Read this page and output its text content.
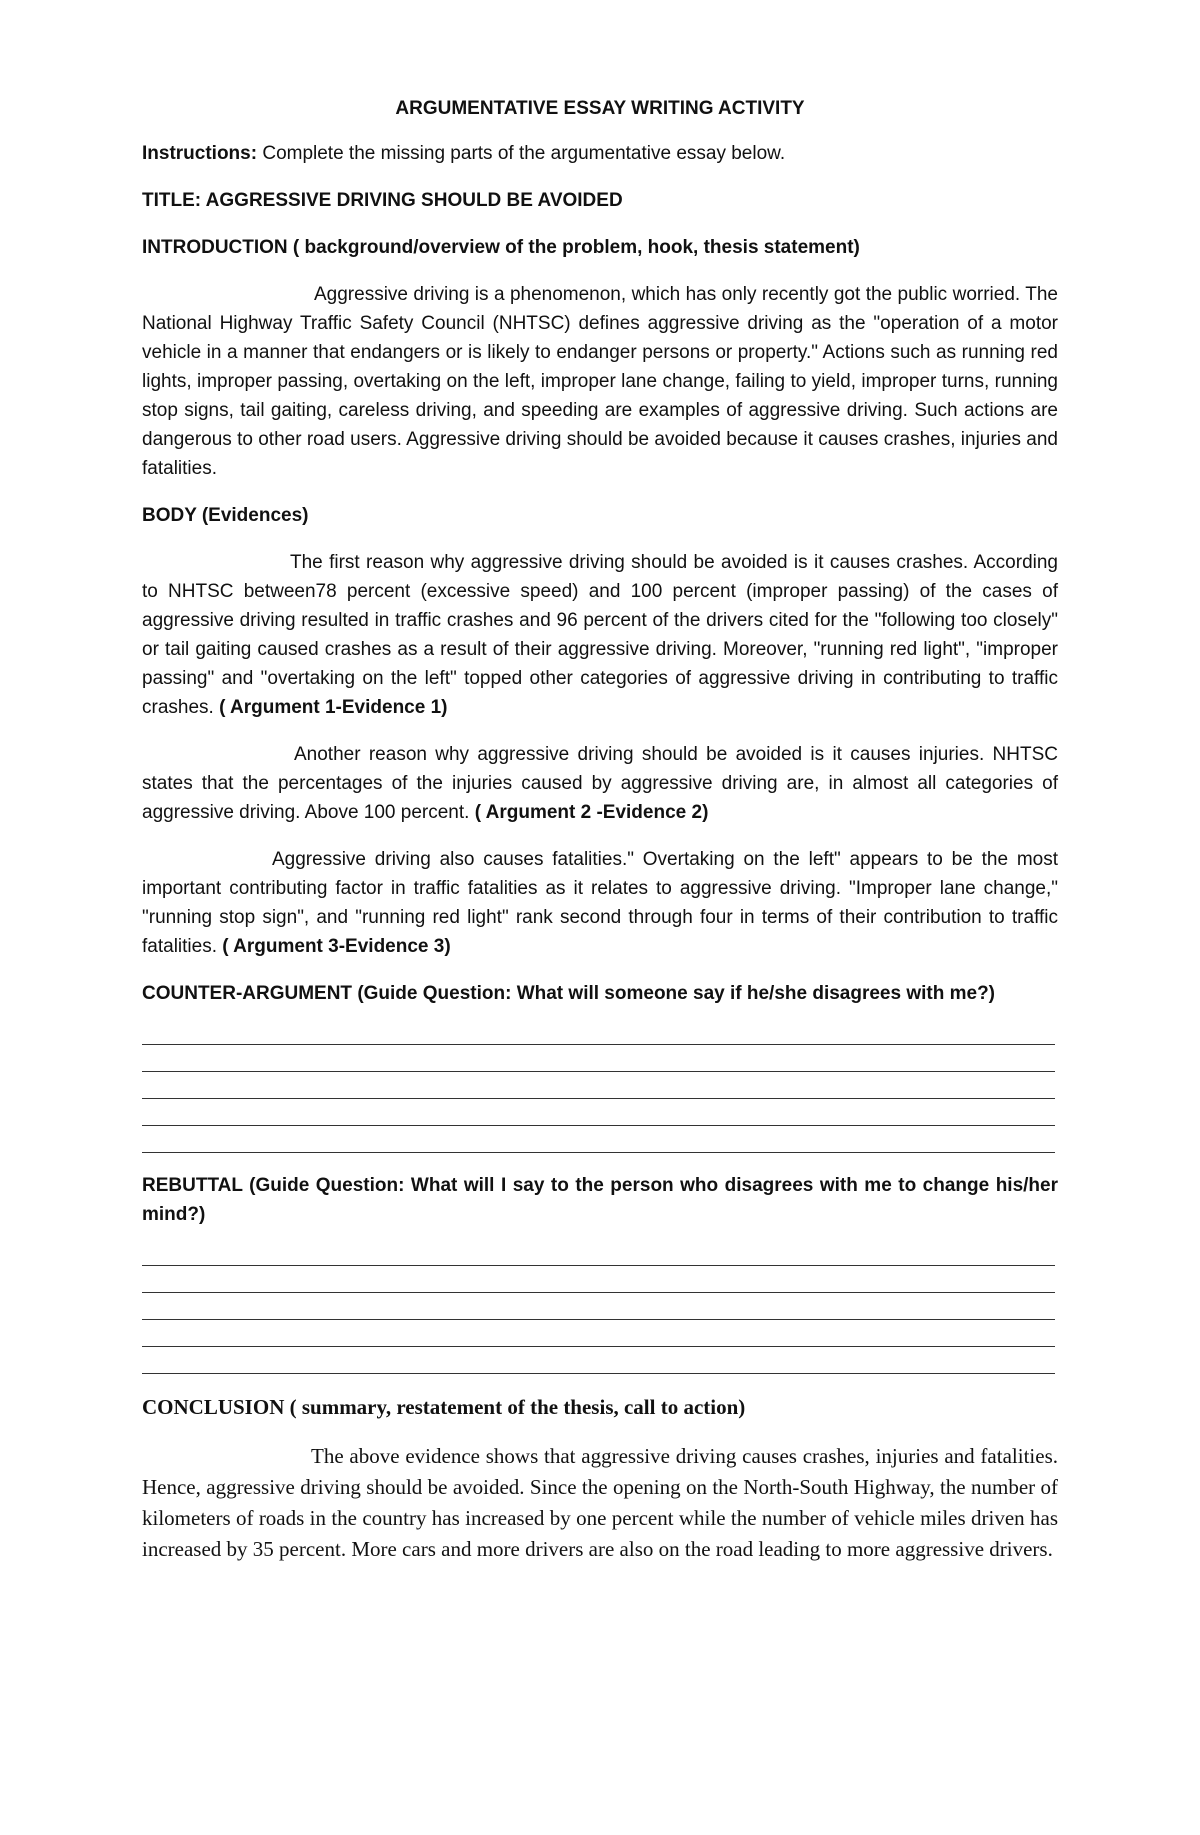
ARGUMENTATIVE ESSAY WRITING ACTIVITY
Instructions: Complete the missing parts of the argumentative essay below.
TITLE: AGGRESSIVE DRIVING SHOULD BE AVOIDED
INTRODUCTION ( background/overview of the problem, hook, thesis statement)

Aggressive driving is a phenomenon, which has only recently got the public worried. The National Highway Traffic Safety Council (NHTSC) defines aggressive driving as the "operation of a motor vehicle in a manner that endangers or is likely to endanger persons or property." Actions such as running red lights, improper passing, overtaking on the left, improper lane change, failing to yield, improper turns, running stop signs, tail gaiting, careless driving, and speeding are examples of aggressive driving. Such actions are dangerous to other road users. Aggressive driving should be avoided because it causes crashes, injuries and fatalities.

BODY (Evidences)

The first reason why aggressive driving should be avoided is it causes crashes. According to NHTSC between78 percent (excessive speed) and 100 percent (improper passing) of the cases of aggressive driving resulted in traffic crashes and 96 percent of the drivers cited for the "following too closely" or tail gaiting caused crashes as a result of their aggressive driving. Moreover, "running red light", "improper passing" and "overtaking on the left" topped other categories of aggressive driving in contributing to traffic crashes. ( Argument 1-Evidence 1)

Another reason why aggressive driving should be avoided is it causes injuries. NHTSC states that the percentages of the injuries caused by aggressive driving are, in almost all categories of aggressive driving. Above 100 percent. ( Argument 2 -Evidence 2)

Aggressive driving also causes fatalities." Overtaking on the left" appears to be the most important contributing factor in traffic fatalities as it relates to aggressive driving. "Improper lane change," "running stop sign", and "running red light" rank second through four in terms of their contribution to traffic fatalities. ( Argument 3-Evidence 3)

COUNTER-ARGUMENT (Guide Question: What will someone say if he/she disagrees with me?)
REBUTTAL (Guide Question: What will I say to the person who disagrees with me to change his/her mind?)
CONCLUSION ( summary, restatement of the thesis, call to action)

The above evidence shows that aggressive driving causes crashes, injuries and fatalities. Hence, aggressive driving should be avoided. Since the opening on the North-South Highway, the number of kilometers of roads in the country has increased by one percent while the number of vehicle miles driven has increased by 35 percent. More cars and more drivers are also on the road leading to more aggressive drivers.
